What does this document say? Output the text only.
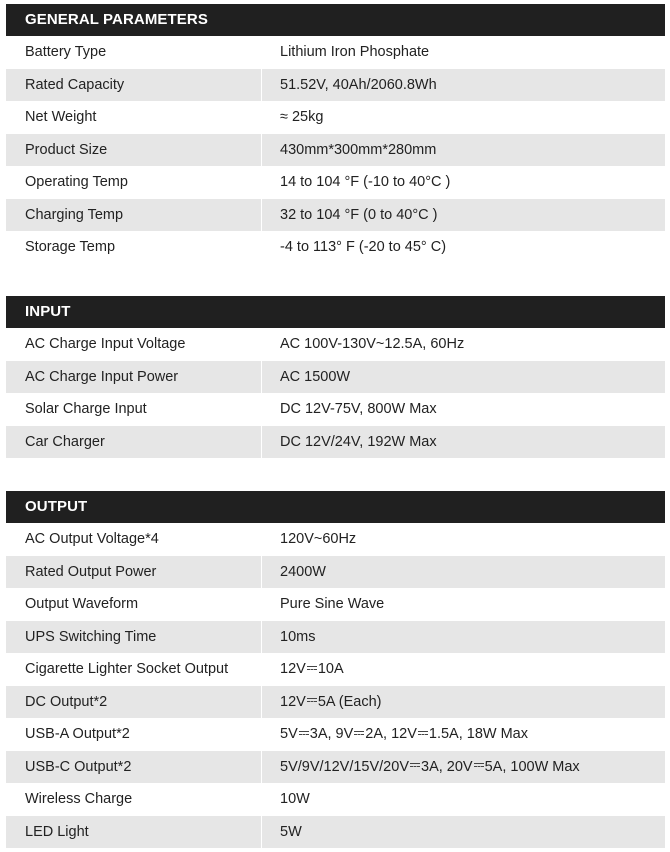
GENERAL PARAMETERS
Battery Type	Lithium Iron Phosphate
Rated Capacity	51.52V, 40Ah/2060.8Wh
Net Weight	≈ 25kg
Product Size	430mm*300mm*280mm
Operating Temp	14 to 104 °F (-10 to 40°C )
Charging Temp	32 to 104 °F (0 to 40°C )
Storage Temp	-4 to 113° F (-20 to 45° C)
INPUT
AC Charge Input Voltage	AC 100V-130V~12.5A, 60Hz
AC Charge Input Power	AC 1500W
Solar Charge Input	DC 12V-75V, 800W Max
Car Charger	DC 12V/24V, 192W Max
OUTPUT
AC Output Voltage*4	120V~60Hz
Rated Output Power	2400W
Output Waveform	Pure Sine Wave
UPS Switching Time	10ms
Cigarette Lighter Socket Output	12V 10A
DC Output*2	12V 5A (Each)
USB-A Output*2	5V 3A, 9V 2A, 12V 1.5A, 18W Max
USB-C Output*2	5V/9V/12V/15V/20V 3A, 20V 5A, 100W Max
Wireless Charge	10W
LED Light	5W
